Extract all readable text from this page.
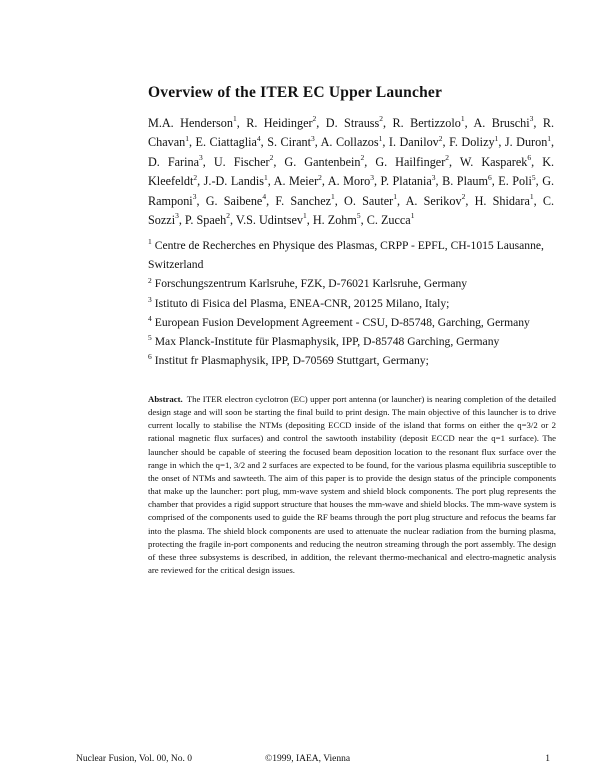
Overview of the ITER EC Upper Launcher
M.A. Henderson$^1$, R. Heidinger$^2$, D. Strauss$^2$, R. Bertizzolo$^1$, A. Bruschi$^3$, R. Chavan$^1$, E. Ciattaglia$^4$, S. Cirant$^3$, A. Collazos$^1$, I. Danilov$^2$, F. Dolizy$^1$, J. Duron$^1$, D. Farina$^3$, U. Fischer$^2$, G. Gantenbein$^2$, G. Hailfinger$^2$, W. Kasparek$^6$, K. Kleefeldt$^2$, J.-D. Landis$^1$, A. Meier$^2$, A. Moro$^3$, P. Platania$^3$, B. Plaum$^6$, E. Poli$^5$, G. Ramponi$^3$, G. Saibene$^4$, F. Sanchez$^1$, O. Sauter$^1$, A. Serikov$^2$, H. Shidara$^1$, C. Sozzi$^3$, P. Spaeh$^2$, V.S. Udintsev$^1$, H. Zohm$^5$, C. Zucca$^1$

$^1$ Centre de Recherches en Physique des Plasmas, CRPP - EPFL, CH-1015 Lausanne, Switzerland

$^2$ Forschungszentrum Karlsruhe, FZK, D-76021 Karlsruhe, Germany

$^3$ Istituto di Fisica del Plasma, ENEA-CNR, 20125 Milano, Italy;

$^4$ European Fusion Development Agreement - CSU, D-85748, Garching, Germany

$^5$ Max Planck-Institute für Plasmaphysik, IPP, D-85748 Garching, Germany

$^6$ Institut fr Plasmaphysik, IPP, D-70569 Stuttgart, Germany;

Abstract. The ITER electron cyclotron (EC) upper port antenna (or launcher) is nearing completion of the detailed design stage and will soon be starting the final build to print design. The main objective of this launcher is to drive current locally to stabilise the NTMs (depositing ECCD inside of the island that forms on either the q=3/2 or 2 rational magnetic flux surfaces) and control the sawtooth instability (deposit ECCD near the q=1 surface). The launcher should be capable of steering the focused beam deposition location to the resonant flux surface over the range in which the q=1, 3/2 and 2 surfaces are expected to be found, for the various plasma equilibria susceptible to the onset of NTMs and sawteeth. The aim of this paper is to provide the design status of the principle components that make up the launcher: port plug, mm-wave system and shield block components. The port plug represents the chamber that provides a rigid support structure that houses the mm-wave and shield blocks. The mm-wave system is comprised of the components used to guide the RF beams through the port plug structure and refocus the beams far into the plasma. The shield block components are used to attenuate the nuclear radiation from the burning plasma, protecting the fragile in-port components and reducing the neutron streaming through the port assembly. The design of these three subsystems is described, in addition, the relevant thermo-mechanical and electro-magnetic analysis are reviewed for the critical design issues.
Nuclear Fusion, Vol. 00, No. 0	©1999, IAEA, Vienna	1
